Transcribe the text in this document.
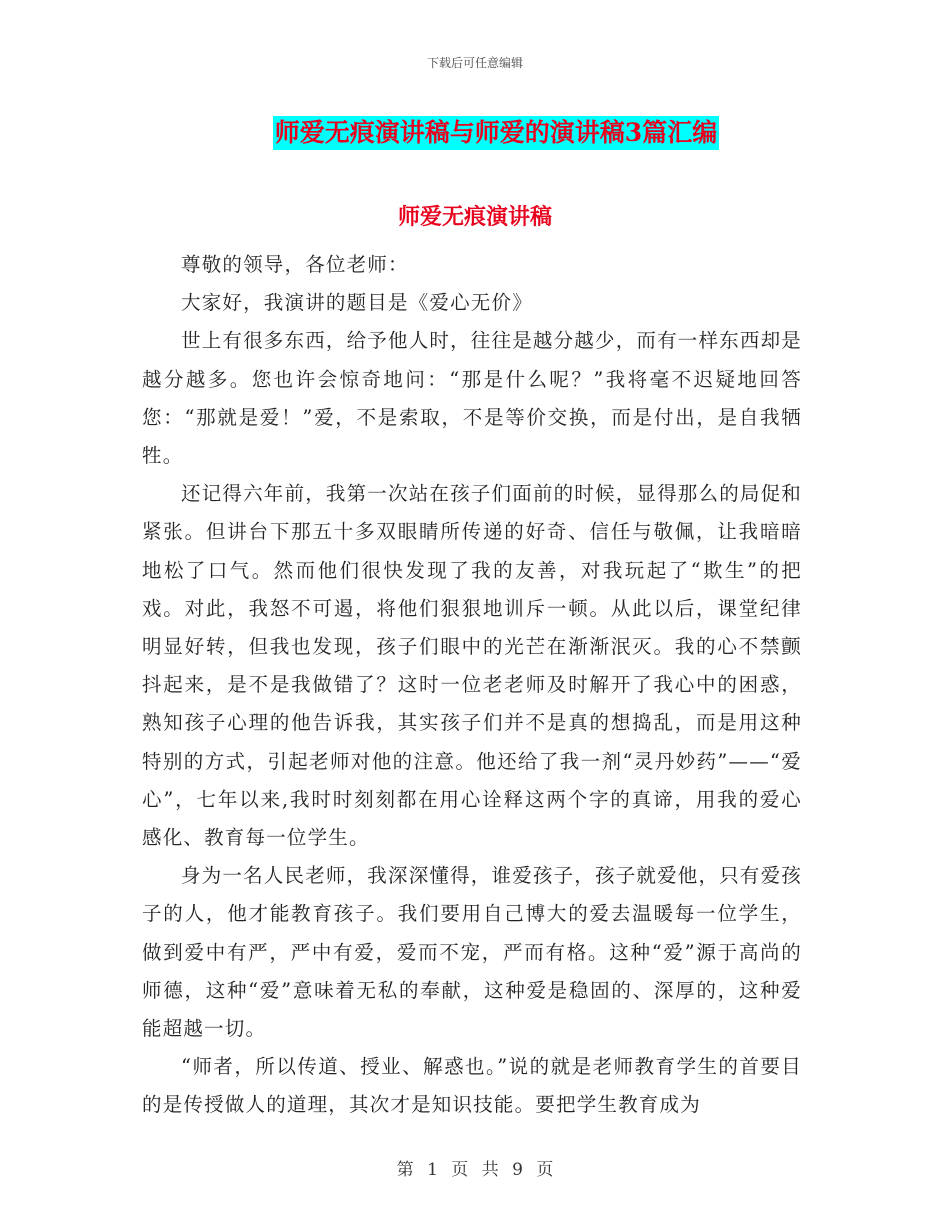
下载后可任意编辑
师爱无痕演讲稿与师爱的演讲稿3篇汇编
师爱无痕演讲稿

尊敬的领导，各位老师：

大家好，我演讲的题目是《爱心无价》

世上有很多东西，给予他人时，往往是越分越少，而有一样东西却是越分越多。您也许会惊奇地问：“那是什么呢？”我将毫不迟疑地回答您：“那就是爱！”爱，不是索取，不是等价交换，而是付出，是自我牺牲。

还记得六年前，我第一次站在孩子们面前的时候，显得那么的局促和紧张。但讲台下那五十多双眼睛所传递的好奇、信任与敬佩，让我暗暗地松了口气。然而他们很快发现了我的友善，对我玩起了“欺生”的把戏。对此，我怒不可遏，将他们狠狠地训斥一顿。从此以后，课堂纪律明显好转，但我也发现，孩子们眼中的光芒在渐渐泯灭。我的心不禁颤抖起来，是不是我做错了？这时一位老老师及时解开了我心中的困惑，熟知孩子心理的他告诉我，其实孩子们并不是真的想捣乱，而是用这种特别的方式，引起老师对他的注意。他还给了我一剂“灵丹妙药”——“爱心”，七年以来,我时时刻刻都在用心诠释这两个字的真谛，用我的爱心感化、教育每一位学生。

身为一名人民老师，我深深懂得，谁爱孩子，孩子就爱他，只有爱孩子的人，他才能教育孩子。我们要用自己博大的爱去温暖每一位学生，做到爱中有严，严中有爱，爱而不宠，严而有格。这种“爱”源于高尚的师德，这种“爱”意味着无私的奉献，这种爱是稳固的、深厚的，这种爱能超越一切。

“师者，所以传道、授业、解惑也。”说的就是老师教育学生的首要目的是传授做人的道理，其次才是知识技能。要把学生教育成为

第 1 页 共 9 页
